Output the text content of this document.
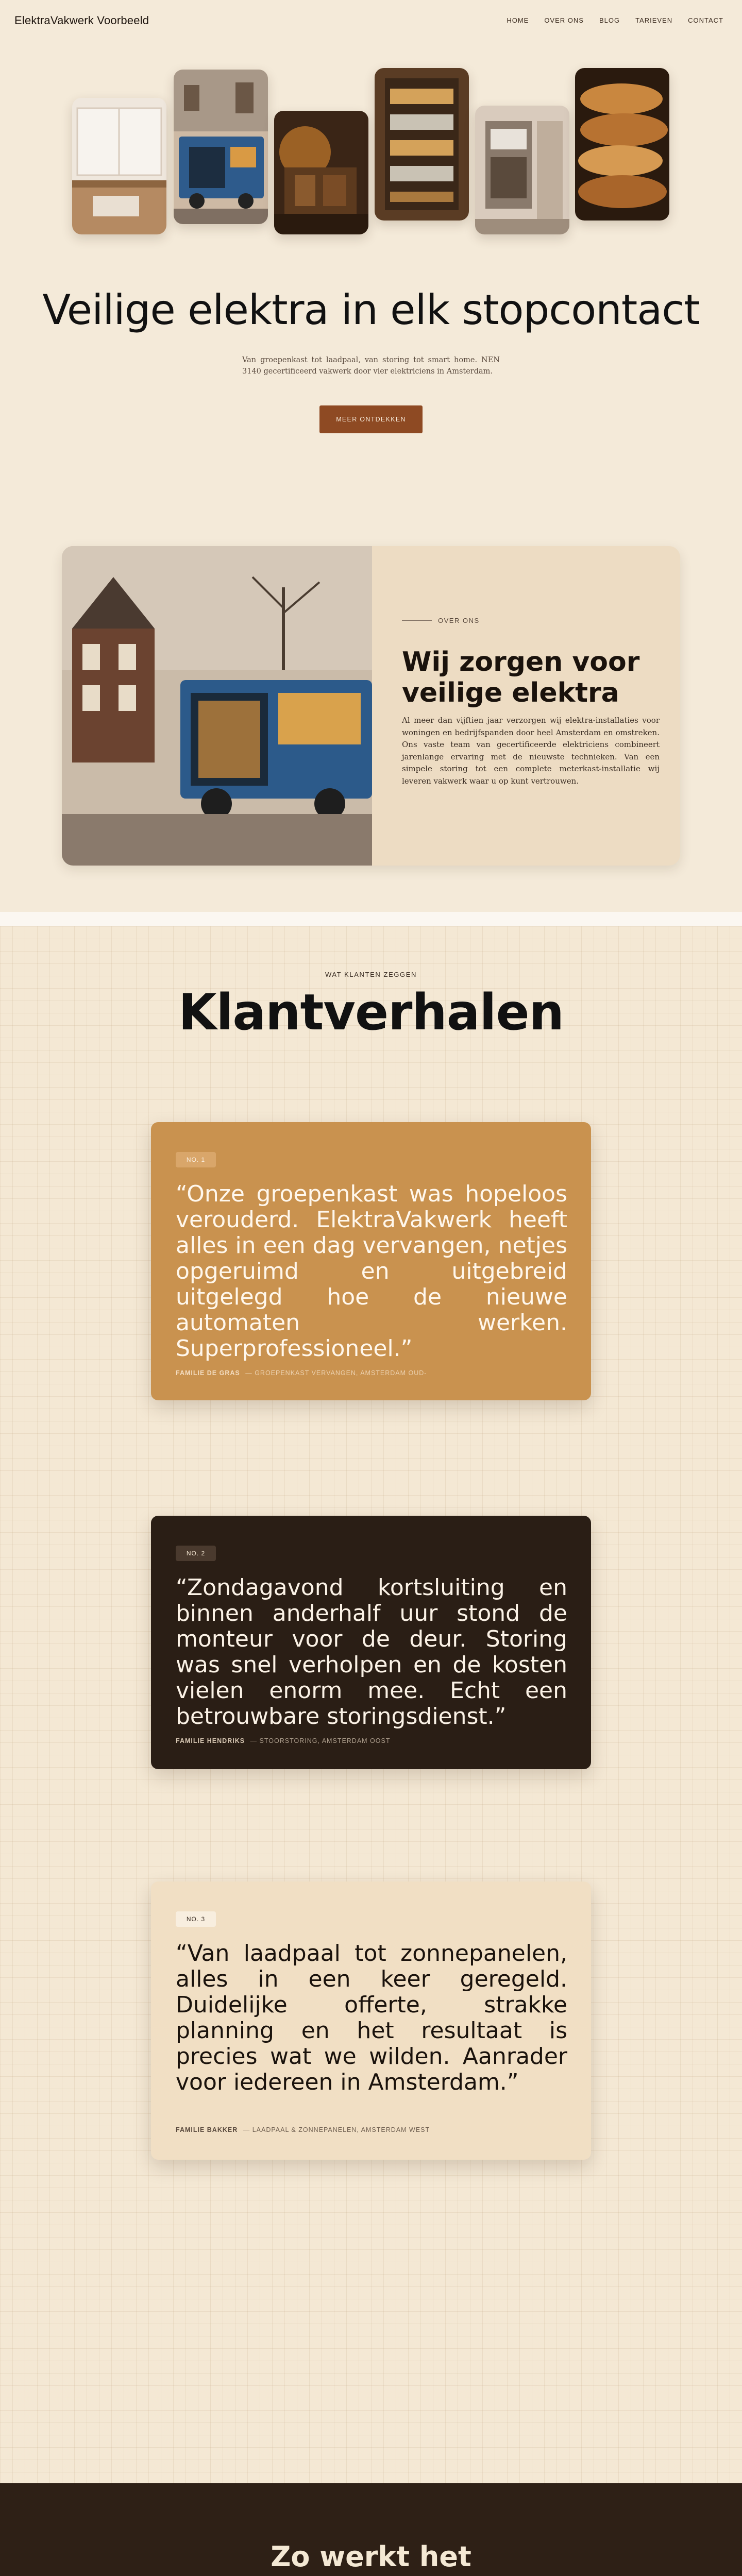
ElektraVakwerk Voorbeeld	HOME OVER ONS BLOG TARIEVEN CONTACT
Veilige elektra in elk stopcontact

Van groepenkast tot laadpaal, van storing tot smart home. NEN 3140 gecertificeerd vakwerk door vier elektriciens in Amsterdam.

MEER ONTDEKKEN
OVER ONS
Wij zorgen voor veilige elektra

Al meer dan vijftien jaar verzorgen wij elektra-installaties voor woningen en bedrijfspanden door heel Amsterdam en omstreken. Ons vaste team van gecertificeerde elektriciens combineert jarenlange ervaring met de nieuwste technieken. Van een simpele storing tot een complete meterkast-installatie wij leveren vakwerk waar u op kunt vertrouwen.

WAT KLANTEN ZEGGEN
Klantverhalen
NO. 1

“Onze groepenkast was hopeloos verouderd. ElektraVakwerk heeft alles in een dag vervangen, netjes opgeruimd en uitgebreid uitgelegd hoe de nieuwe automaten werken. Superprofessioneel.”

FAMILIE DE GRAS — GROEPENKAST VERVANGEN, AMSTERDAM OUD-
NO. 2

“Zondagavond kortsluiting en binnen anderhalf uur stond de monteur voor de deur. Storing was snel verholpen en de kosten vielen enorm mee. Echt een betrouwbare storingsdienst.”

FAMILIE HENDRIKS — STOORSTORING, AMSTERDAM OOST
NO. 3

“Van laadpaal tot zonnepanelen, alles in een keer geregeld. Duidelijke offerte, strakke planning en het resultaat is precies wat we wilden. Aanrader voor iedereen in Amsterdam.”

FAMILIE BAKKER — LAADPAAL & ZONNEPANELEN, AMSTERDAM WEST
Zo werkt het
